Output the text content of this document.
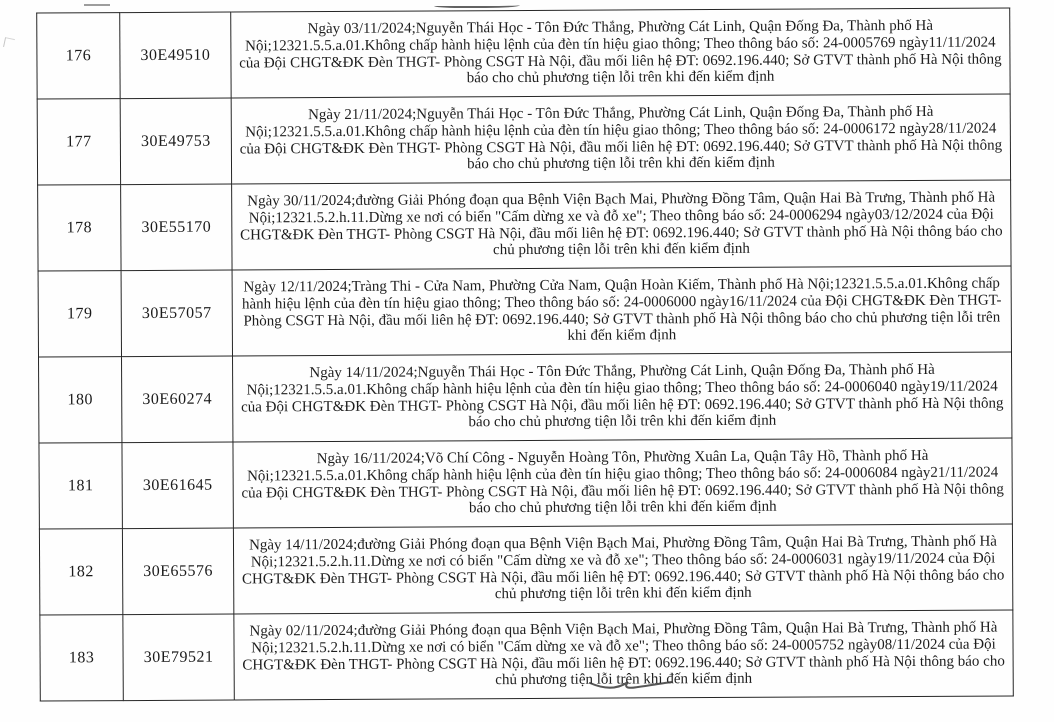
176	30E49510	Ngày 03/11/2024;Nguyễn Thái Học - Tôn Đức Thắng, Phường Cát Linh, Quận Đống Đa, Thành phố Hà Nội;12321.5.5.a.01.Không chấp hành hiệu lệnh của đèn tín hiệu giao thông; Theo thông báo số: 24-0005769 ngày11/11/2024 của Đội CHGT&ĐK Đèn THGT- Phòng CSGT Hà Nội, đầu mối liên hệ ĐT: 0692.196.440; Sở GTVT thành phố Hà Nội thông báo cho chủ phương tiện lỗi trên khi đến kiểm định
177	30E49753	Ngày 21/11/2024;Nguyễn Thái Học - Tôn Đức Thắng, Phường Cát Linh, Quận Đống Đa, Thành phố Hà Nội;12321.5.5.a.01.Không chấp hành hiệu lệnh của đèn tín hiệu giao thông; Theo thông báo số: 24-0006172 ngày28/11/2024 của Đội CHGT&ĐK Đèn THGT- Phòng CSGT Hà Nội, đầu mối liên hệ ĐT: 0692.196.440; Sở GTVT thành phố Hà Nội thông báo cho chủ phương tiện lỗi trên khi đến kiểm định
178	30E55170	Ngày 30/11/2024;đường Giải Phóng đoạn qua Bệnh Viện Bạch Mai, Phường Đồng Tâm, Quận Hai Bà Trưng, Thành phố Hà Nội;12321.5.2.h.11.Dừng xe nơi có biển "Cấm dừng xe và đỗ xe"; Theo thông báo số: 24-0006294 ngày03/12/2024 của Đội CHGT&ĐK Đèn THGT- Phòng CSGT Hà Nội, đầu mối liên hệ ĐT: 0692.196.440; Sở GTVT thành phố Hà Nội thông báo cho chủ phương tiện lỗi trên khi đến kiểm định
179	30E57057	Ngày 12/11/2024;Tràng Thi - Cửa Nam, Phường Cửa Nam, Quận Hoàn Kiếm, Thành phố Hà Nội;12321.5.5.a.01.Không chấp hành hiệu lệnh của đèn tín hiệu giao thông; Theo thông báo số: 24-0006000 ngày16/11/2024 của Đội CHGT&ĐK Đèn THGT- Phòng CSGT Hà Nội, đầu mối liên hệ ĐT: 0692.196.440; Sở GTVT thành phố Hà Nội thông báo cho chủ phương tiện lỗi trên khi đến kiểm định
180	30E60274	Ngày 14/11/2024;Nguyễn Thái Học - Tôn Đức Thắng, Phường Cát Linh, Quận Đống Đa, Thành phố Hà Nội;12321.5.5.a.01.Không chấp hành hiệu lệnh của đèn tín hiệu giao thông; Theo thông báo số: 24-0006040 ngày19/11/2024 của Đội CHGT&ĐK Đèn THGT- Phòng CSGT Hà Nội, đầu mối liên hệ ĐT: 0692.196.440; Sở GTVT thành phố Hà Nội thông báo cho chủ phương tiện lỗi trên khi đến kiểm định
181	30E61645	Ngày 16/11/2024;Võ Chí Công - Nguyễn Hoàng Tôn, Phường Xuân La, Quận Tây Hồ, Thành phố Hà Nội;12321.5.5.a.01.Không chấp hành hiệu lệnh của đèn tín hiệu giao thông; Theo thông báo số: 24-0006084 ngày21/11/2024 của Đội CHGT&ĐK Đèn THGT- Phòng CSGT Hà Nội, đầu mối liên hệ ĐT: 0692.196.440; Sở GTVT thành phố Hà Nội thông báo cho chủ phương tiện lỗi trên khi đến kiểm định
182	30E65576	Ngày 14/11/2024;đường Giải Phóng đoạn qua Bệnh Viện Bạch Mai, Phường Đồng Tâm, Quận Hai Bà Trưng, Thành phố Hà Nội;12321.5.2.h.11.Dừng xe nơi có biển "Cấm dừng xe và đỗ xe"; Theo thông báo số: 24-0006031 ngày19/11/2024 của Đội CHGT&ĐK Đèn THGT- Phòng CSGT Hà Nội, đầu mối liên hệ ĐT: 0692.196.440; Sở GTVT thành phố Hà Nội thông báo cho chủ phương tiện lỗi trên khi đến kiểm định
183	30E79521	Ngày 02/11/2024;đường Giải Phóng đoạn qua Bệnh Viện Bạch Mai, Phường Đồng Tâm, Quận Hai Bà Trưng, Thành phố Hà Nội;12321.5.2.h.11.Dừng xe nơi có biển "Cấm dừng xe và đỗ xe"; Theo thông báo số: 24-0005752 ngày08/11/2024 của Đội CHGT&ĐK Đèn THGT- Phòng CSGT Hà Nội, đầu mối liên hệ ĐT: 0692.196.440; Sở GTVT thành phố Hà Nội thông báo cho chủ phương tiện lỗi trên khi đến kiểm định
